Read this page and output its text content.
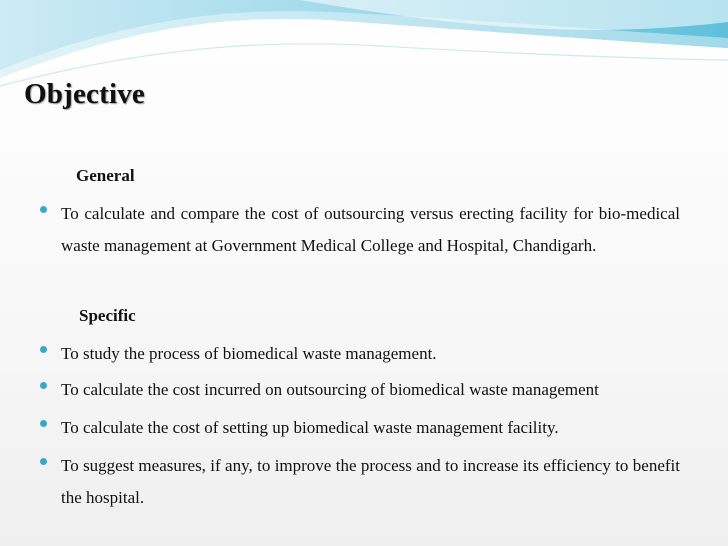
Objective
General
To calculate and compare the cost of outsourcing versus erecting facility for bio-medical waste management at Government Medical College and Hospital, Chandigarh.
Specific
To study the process of biomedical waste management.
To calculate the cost incurred on outsourcing of biomedical waste management
To calculate the cost of setting up biomedical waste management facility.
To suggest measures, if any, to improve the process and to increase its efficiency to benefit the hospital.
